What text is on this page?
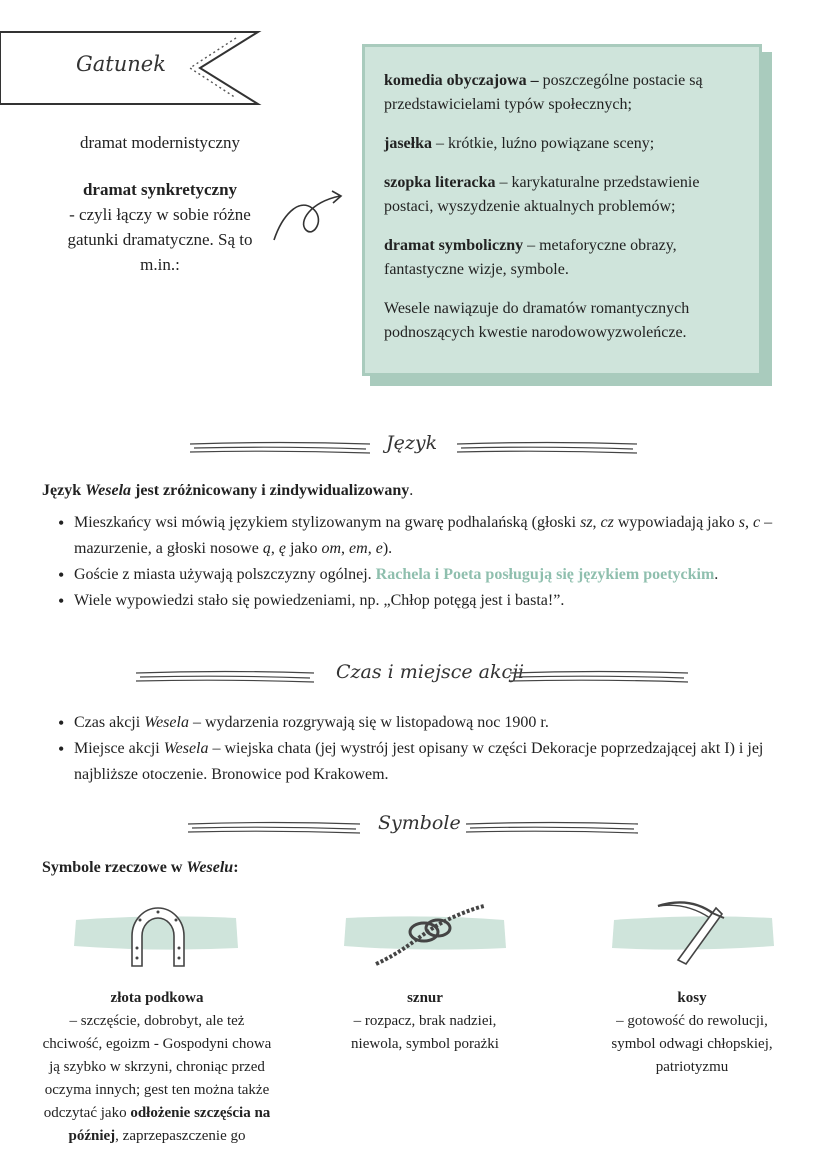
Gatunek
dramat modernistyczny
dramat synkretyczny
- czyli łączy w sobie różne
gatunki dramatyczne. Są to
m.in.:

komedia obyczajowa – poszczególne postacie są przedstawicielami typów społecznych;

jasełka – krótkie, luźno powiązane sceny;

szopka literacka – karykaturalne przedstawienie postaci, wyszydzenie aktualnych problemów;

dramat symboliczny – metaforyczne obrazy, fantastyczne wizje, symbole.

Wesele nawiązuje do dramatów romantycznych podnoszących kwestie narodowowyzwoleńcze.

Język
Język Wesela jest zróżnicowany i zindywidualizowany.
• Mieszkańcy wsi mówią językiem stylizowanym na gwarę podhalańską (głoski sz, cz wypowiadają jako s, c – mazurzenie, a głoski nosowe ą, ę jako om, em, e).
• Goście z miasta używają polszczyzny ogólnej. Rachela i Poeta posługują się językiem poetyckim.
• Wiele wypowiedzi stało się powiedzeniami, np. „Chłop potęgą jest i basta!”.
Czas i miejsce akcji
• Czas akcji Wesela – wydarzenia rozgrywają się w listopadową noc 1900 r.
• Miejsce akcji Wesela – wiejska chata (jej wystrój jest opisany w części Dekoracje poprzedzającej akt I) i jej najbliższe otoczenie. Bronowice pod Krakowem.
Symbole
Symbole rzeczowe w Weselu:
złota podkowa
– szczęście, dobrobyt, ale też
chciwość, egoizm - Gospodyni chowa
ją szybko w skrzyni, chroniąc przed
oczyma innych; gest ten można także
odczytać jako odłożenie szczęścia na
później, zaprzepaszczenie go
sznur
– rozpacz, brak nadziei,
niewola, symbol porażki
kosy
– gotowość do rewolucji,
symbol odwagi chłopskiej,
patriotyzmu
